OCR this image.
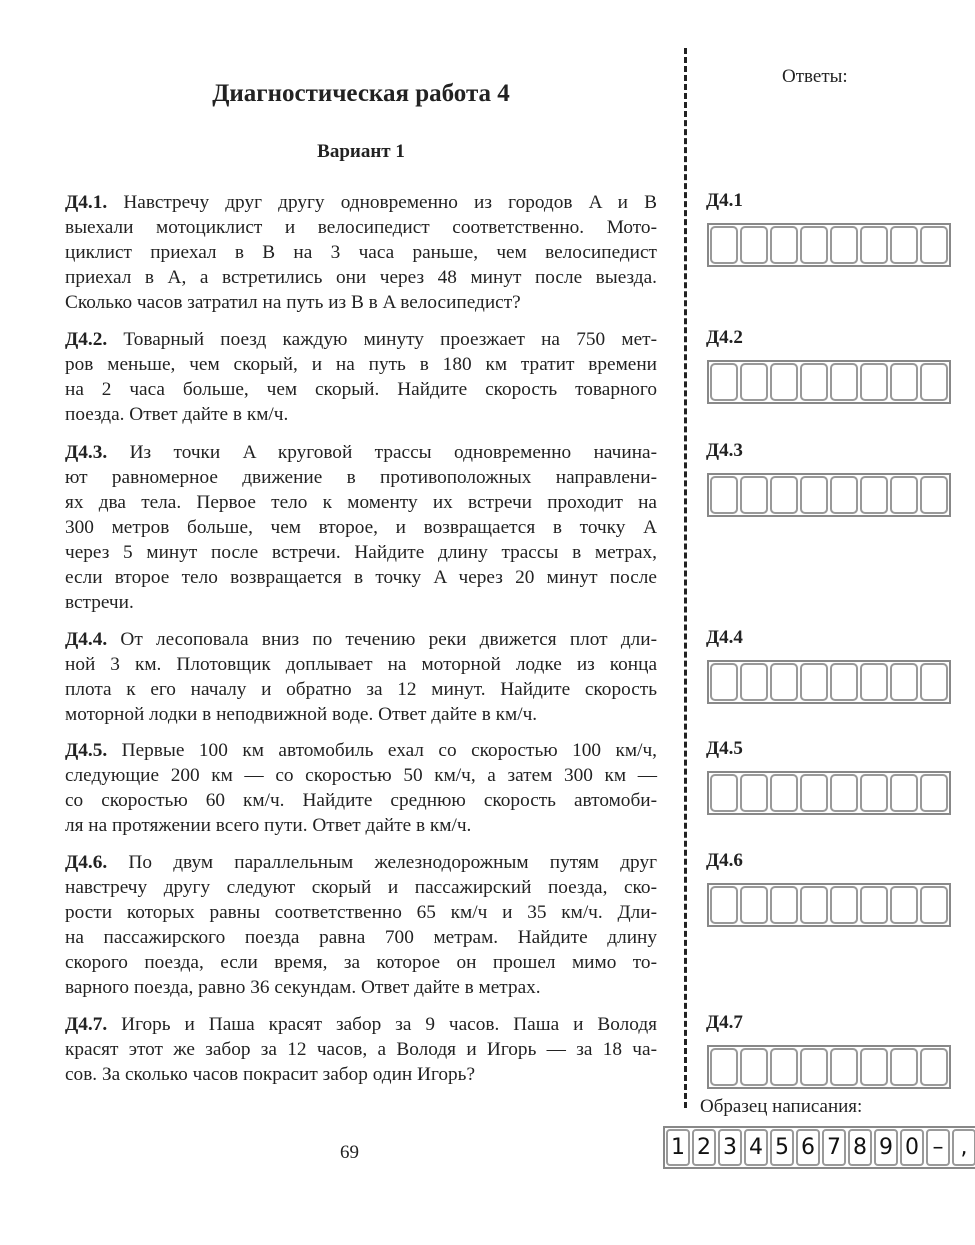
Диагностическая работа 4
Вариант 1
Д4.1. Навстречу друг другу одновременно из городов A и B
выехали мотоциклист и велосипедист соответственно. Мото-
циклист приехал в B на 3 часа раньше, чем велосипедист
приехал в A, а встретились они через 48 минут после выезда.
Сколько часов затратил на путь из B в A велосипедист?
Д4.2. Товарный поезд каждую минуту проезжает на 750 мет-
ров меньше, чем скорый, и на путь в 180 км тратит времени
на 2 часа больше, чем скорый. Найдите скорость товарного
поезда. Ответ дайте в км/ч.
Д4.3. Из точки A круговой трассы одновременно начина-
ют равномерное движение в противоположных направлени-
ях два тела. Первое тело к моменту их встречи проходит на
300 метров больше, чем второе, и возвращается в точку A
через 5 минут после встречи. Найдите длину трассы в метрах,
если второе тело возвращается в точку A через 20 минут после
встречи.
Д4.4. От лесоповала вниз по течению реки движется плот дли-
ной 3 км. Плотовщик доплывает на моторной лодке из конца
плота к его началу и обратно за 12 минут. Найдите скорость
моторной лодки в неподвижной воде. Ответ дайте в км/ч.
Д4.5. Первые 100 км автомобиль ехал со скоростью 100 км/ч,
следующие 200 км — со скоростью 50 км/ч, а затем 300 км —
со скоростью 60 км/ч. Найдите среднюю скорость автомоби-
ля на протяжении всего пути. Ответ дайте в км/ч.
Д4.6. По двум параллельным железнодорожным путям друг
навстречу другу следуют скорый и пассажирский поезда, ско-
рости которых равны соответственно 65 км/ч и 35 км/ч. Дли-
на пассажирского поезда равна 700 метрам. Найдите длину
скорого поезда, если время, за которое он прошел мимо то-
варного поезда, равно 36 секундам. Ответ дайте в метрах.
Д4.7. Игорь и Паша красят забор за 9 часов. Паша и Володя
красят этот же забор за 12 часов, а Володя и Игорь — за 18 ча-
сов. За сколько часов покрасит забор один Игорь?
Ответы:
Д4.1
Д4.2
Д4.3
Д4.4
Д4.5
Д4.6
Д4.7
Образец написания:
1 2 3 4 5 6 7 8 9 0 – ,
69
